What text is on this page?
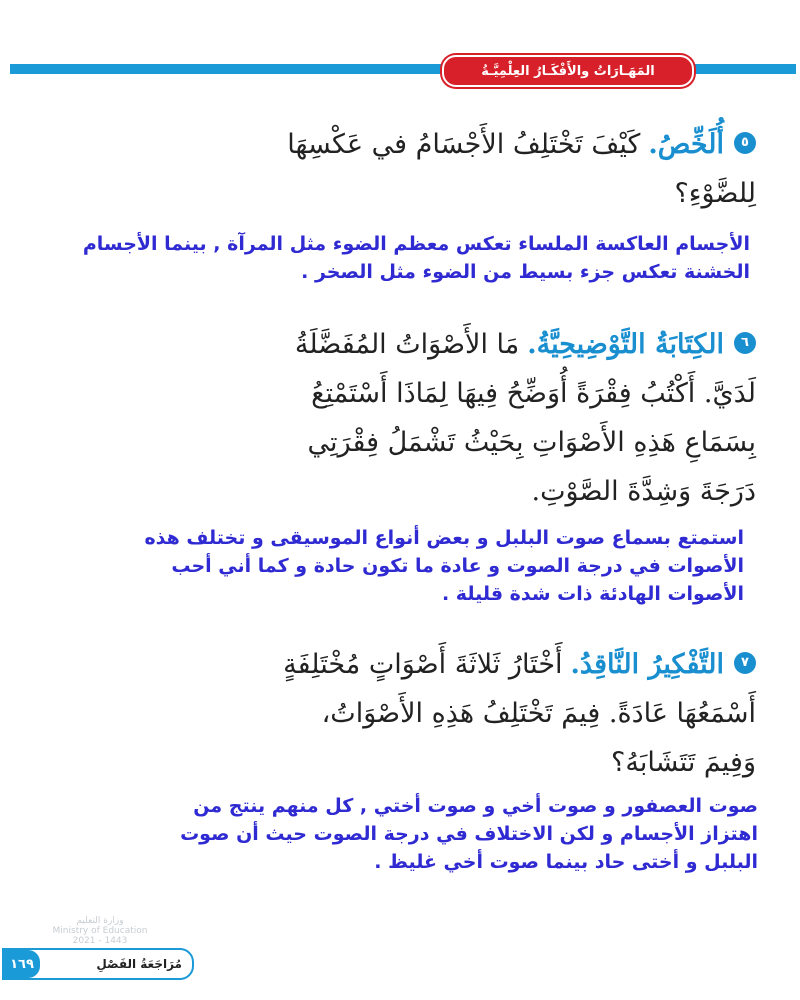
المَهَـارَاتُ والأَفْكَـارُ العِلْمِيَّـةُ
٥أُلَخِّصُ.كَيْفَ تَخْتَلِفُ الأَجْسَامُ في عَكْسِهَا
لِلضَّوْءِ؟
الأجسام العاكسة الملساء تعكس معظم الضوء مثل المرآة , بينما الأجسام
الخشنة تعكس جزء بسيط من الضوء مثل الصخر .
٦الكِتَابَةُ التَّوْضِيحِيَّةُ.مَا الأَصْوَاتُ المُفَضَّلَةُ
لَدَيَّ. أَكْتُبُ فِقْرَةً أُوَضِّحُ فِيهَا لِمَاذَا أَسْتَمْتِعُ
بِسَمَاعِ هَذِهِ الأَصْوَاتِ بِحَيْثُ تَشْمَلُ فِقْرَتِي
دَرَجَةَ وَشِدَّةَ الصَّوْتِ.
استمتع بسماع صوت البلبل و بعض أنواع الموسيقى و تختلف هذه
الأصوات في درجة الصوت و عادة ما تكون حادة و كما أني أحب
الأصوات الهادئة ذات شدة قليلة .
٧التَّفْكِيرُ النَّاقِدُ.أَخْتَارُ ثَلاثَةَ أَصْوَاتٍ مُخْتَلِفَةٍ
أَسْمَعُهَا عَادَةً. فِيمَ تَخْتَلِفُ هَذِهِ الأَصْوَاتُ،
وَفِيمَ تَتَشَابَهُ؟
صوت العصفور و صوت أخي و صوت أختي , كل منهم ينتج من
اهتزاز الأجسام و لكن الاختلاف في درجة الصوت حيث أن صوت
البلبل و أختى حاد بينما صوت أخي غليظ .
وزارة التعليم
Ministry of Education
2021 - 1443
مُرَاجَعَةُ الفَصْلِ
١٦٩
